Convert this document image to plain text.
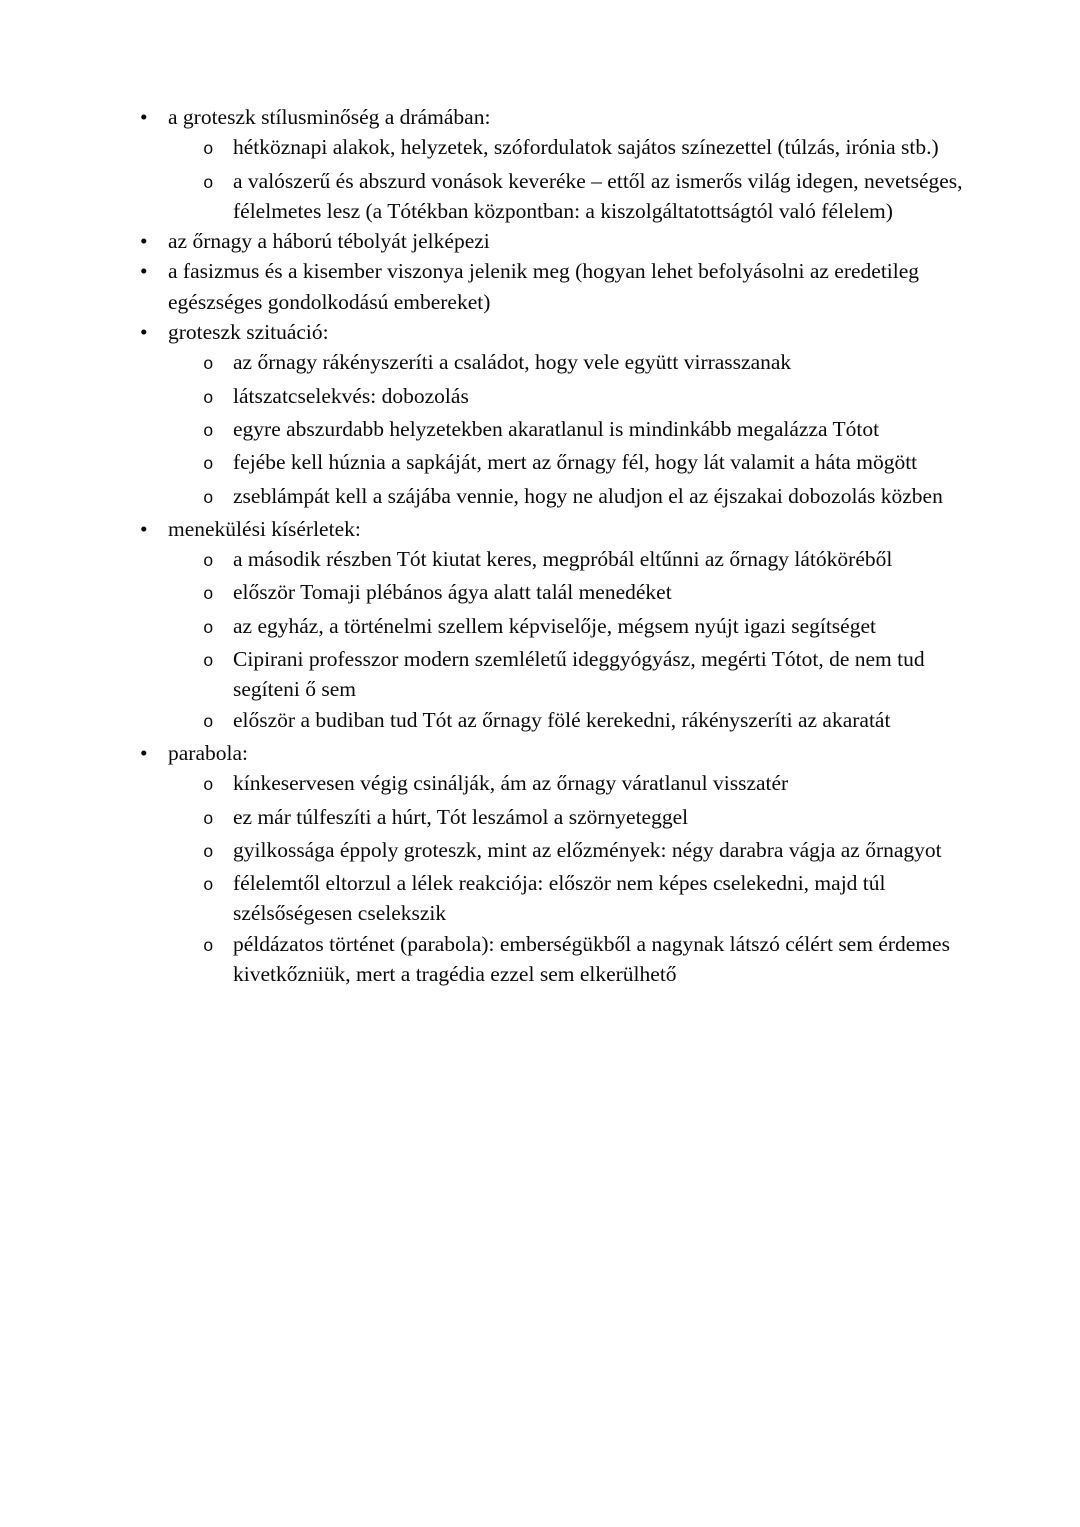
• a groteszk stílusminőség a drámában:
o hétköznapi alakok, helyzetek, szófordulatok sajátos színezettel (túlzás, irónia stb.)
o a valószerű és abszurd vonások keveréke – ettől az ismerős világ idegen, nevetséges,
félelmetes lesz (a Tótékban központban: a kiszolgáltatottságtól való félelem)
• az őrnagy a háború tébolyát jelképezi
• a fasizmus és a kisember viszonya jelenik meg (hogyan lehet befolyásolni az eredetileg
egészséges gondolkodású embereket)
• groteszk szituáció:
o az őrnagy rákényszeríti a családot, hogy vele együtt virrasszanak
o látszatcselekvés: dobozolás
o egyre abszurdabb helyzetekben akaratlanul is mindinkább megalázza Tótot
o fejébe kell húznia a sapkáját, mert az őrnagy fél, hogy lát valamit a háta mögött
o zseblámpát kell a szájába vennie, hogy ne aludjon el az éjszakai dobozolás közben
• menekülési kísérletek:
o a második részben Tót kiutat keres, megpróbál eltűnni az őrnagy látóköréből
o először Tomaji plébános ágya alatt talál menedéket
o az egyház, a történelmi szellem képviselője, mégsem nyújt igazi segítséget
o Cipirani professzor modern szemléletű ideggyógyász, megérti Tótot, de nem tud
segíteni ő sem
o először a budiban tud Tót az őrnagy fölé kerekedni, rákényszeríti az akaratát
• parabola:
o kínkeservesen végig csinálják, ám az őrnagy váratlanul visszatér
o ez már túlfeszíti a húrt, Tót leszámol a szörnyeteggel
o gyilkossága éppoly groteszk, mint az előzmények: négy darabra vágja az őrnagyot
o félelemtől eltorzul a lélek reakciója: először nem képes cselekedni, majd túl
szélsőségesen cselekszik
o példázatos történet (parabola): emberségükből a nagynak látszó célért sem érdemes
kivetkőzniük, mert a tragédia ezzel sem elkerülhető
